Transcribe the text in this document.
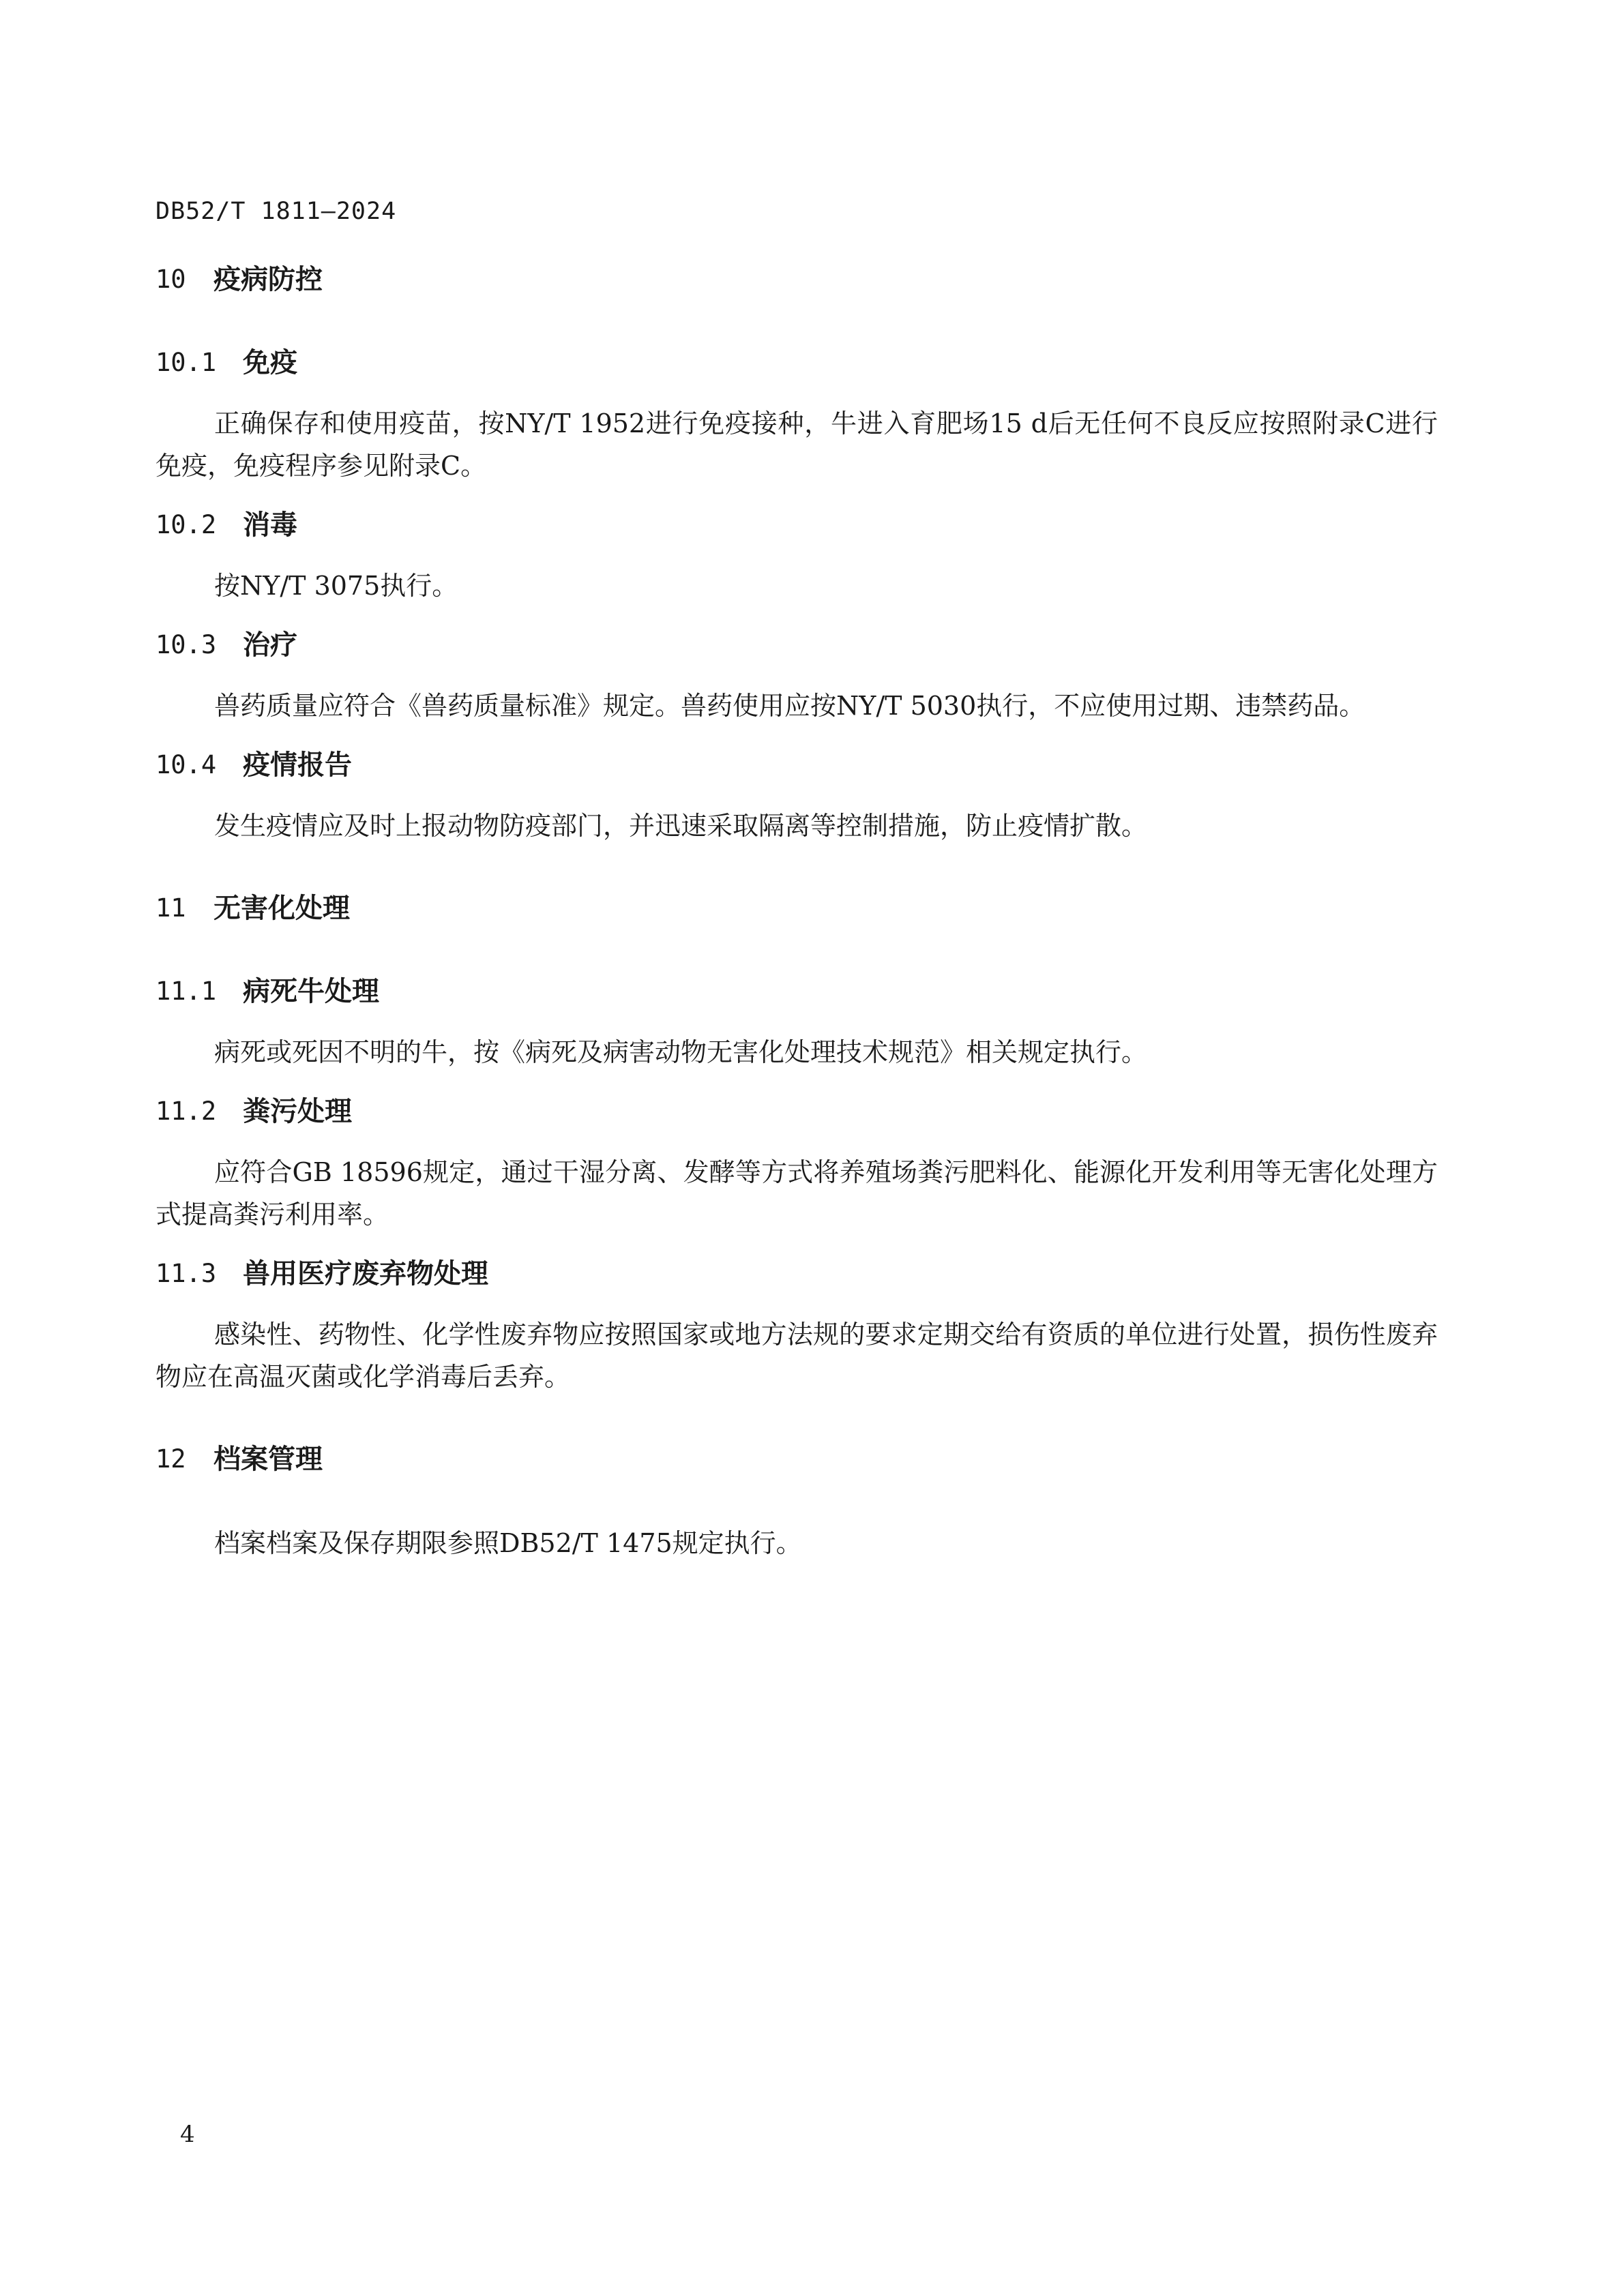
DB52/T 1811—2024
10	疫病防控
10.1 免疫

正确保存和使用疫苗，按NY/T 1952进行免疫接种，牛进入育肥场15 d后无任何不良反应按照附录C进行免疫，免疫程序参见附录C。

10.2 消毒

按NY/T 3075执行。

10.3 治疗

兽药质量应符合《兽药质量标准》规定。兽药使用应按NY/T 5030执行，不应使用过期、违禁药品。

10.4 疫情报告

发生疫情应及时上报动物防疫部门，并迅速采取隔离等控制措施，防止疫情扩散。

11	无害化处理
11.1 病死牛处理

病死或死因不明的牛，按《病死及病害动物无害化处理技术规范》相关规定执行。

11.2 粪污处理

应符合GB 18596规定，通过干湿分离、发酵等方式将养殖场粪污肥料化、能源化开发利用等无害化处理方式提高粪污利用率。

11.3 兽用医疗废弃物处理

感染性、药物性、化学性废弃物应按照国家或地方法规的要求定期交给有资质的单位进行处置，损伤性废弃物应在高温灭菌或化学消毒后丢弃。

12	档案管理

档案档案及保存期限参照DB52/T 1475规定执行。

4
